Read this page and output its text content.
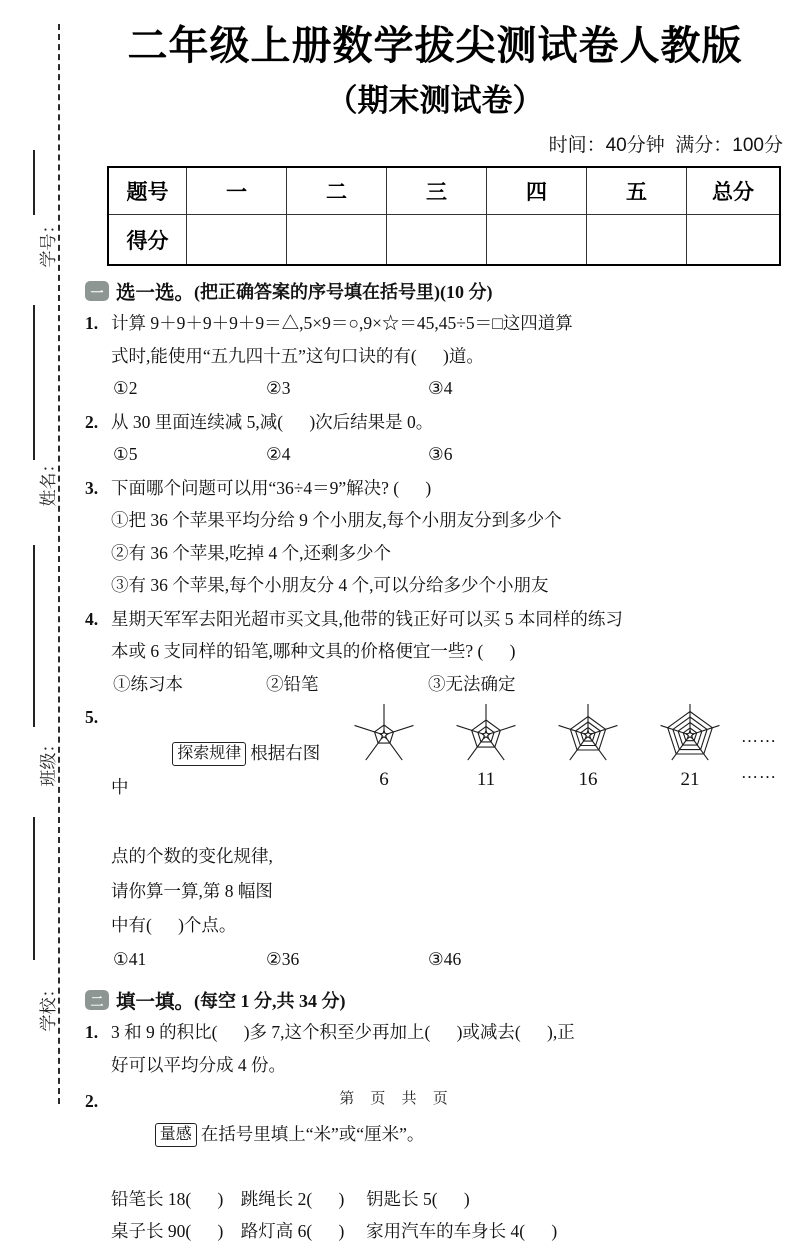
学号：
姓名：
班级：
学校：
二年级上册数学拔尖测试卷人教版
（期末测试卷）
时间：40分钟  满分：100分
题号	一	二	三	四	五	总分
得分						
一 选一选。 (把正确答案的序号填在括号里)(10 分)
1. 计算 9＋9＋9＋9＋9＝△,5×9＝○,9×☆＝45,45÷5＝□这四道算
式时,能使用“五九四十五”这句口诀的有(      )道。
①2	②3	③4
2. 从 30 里面连续减 5,减(      )次后结果是 0。
①5	②4	③6
3. 下面哪个问题可以用“36÷4＝9”解决? (      )
①把 36 个苹果平均分给 9 个小朋友,每个小朋友分到多少个
②有 36 个苹果,吃掉 4 个,还剩多少个
③有 36 个苹果,每个小朋友分 4 个,可以分给多少个小朋友
4. 星期天军军去阳光超市买文具,他带的钱正好可以买 5 本同样的练习
本或 6 支同样的铅笔,哪种文具的价格便宜一些? (      )
①练习本	②铅笔	③无法确定
5.

探索规律 根据右图中

点的个数的变化规律,
请你算一算,第 8 幅图
中有(      )个点。
6	11	16	21
……
……
①41	②36	③46
二 填一填。 (每空 1 分,共 34 分)
1. 3 和 9 的积比(      )多 7,这个积至少再加上(      )或减去(      ),正
好可以平均分成 4 份。
2.

量感 在括号里填上“米”或“厘米”。

铅笔长 18(      )    跳绳长 2(      )     钥匙长 5(      )
桌子长 90(      )    路灯高 6(      )     家用汽车的车身长 4(      )
第 页 共 页
